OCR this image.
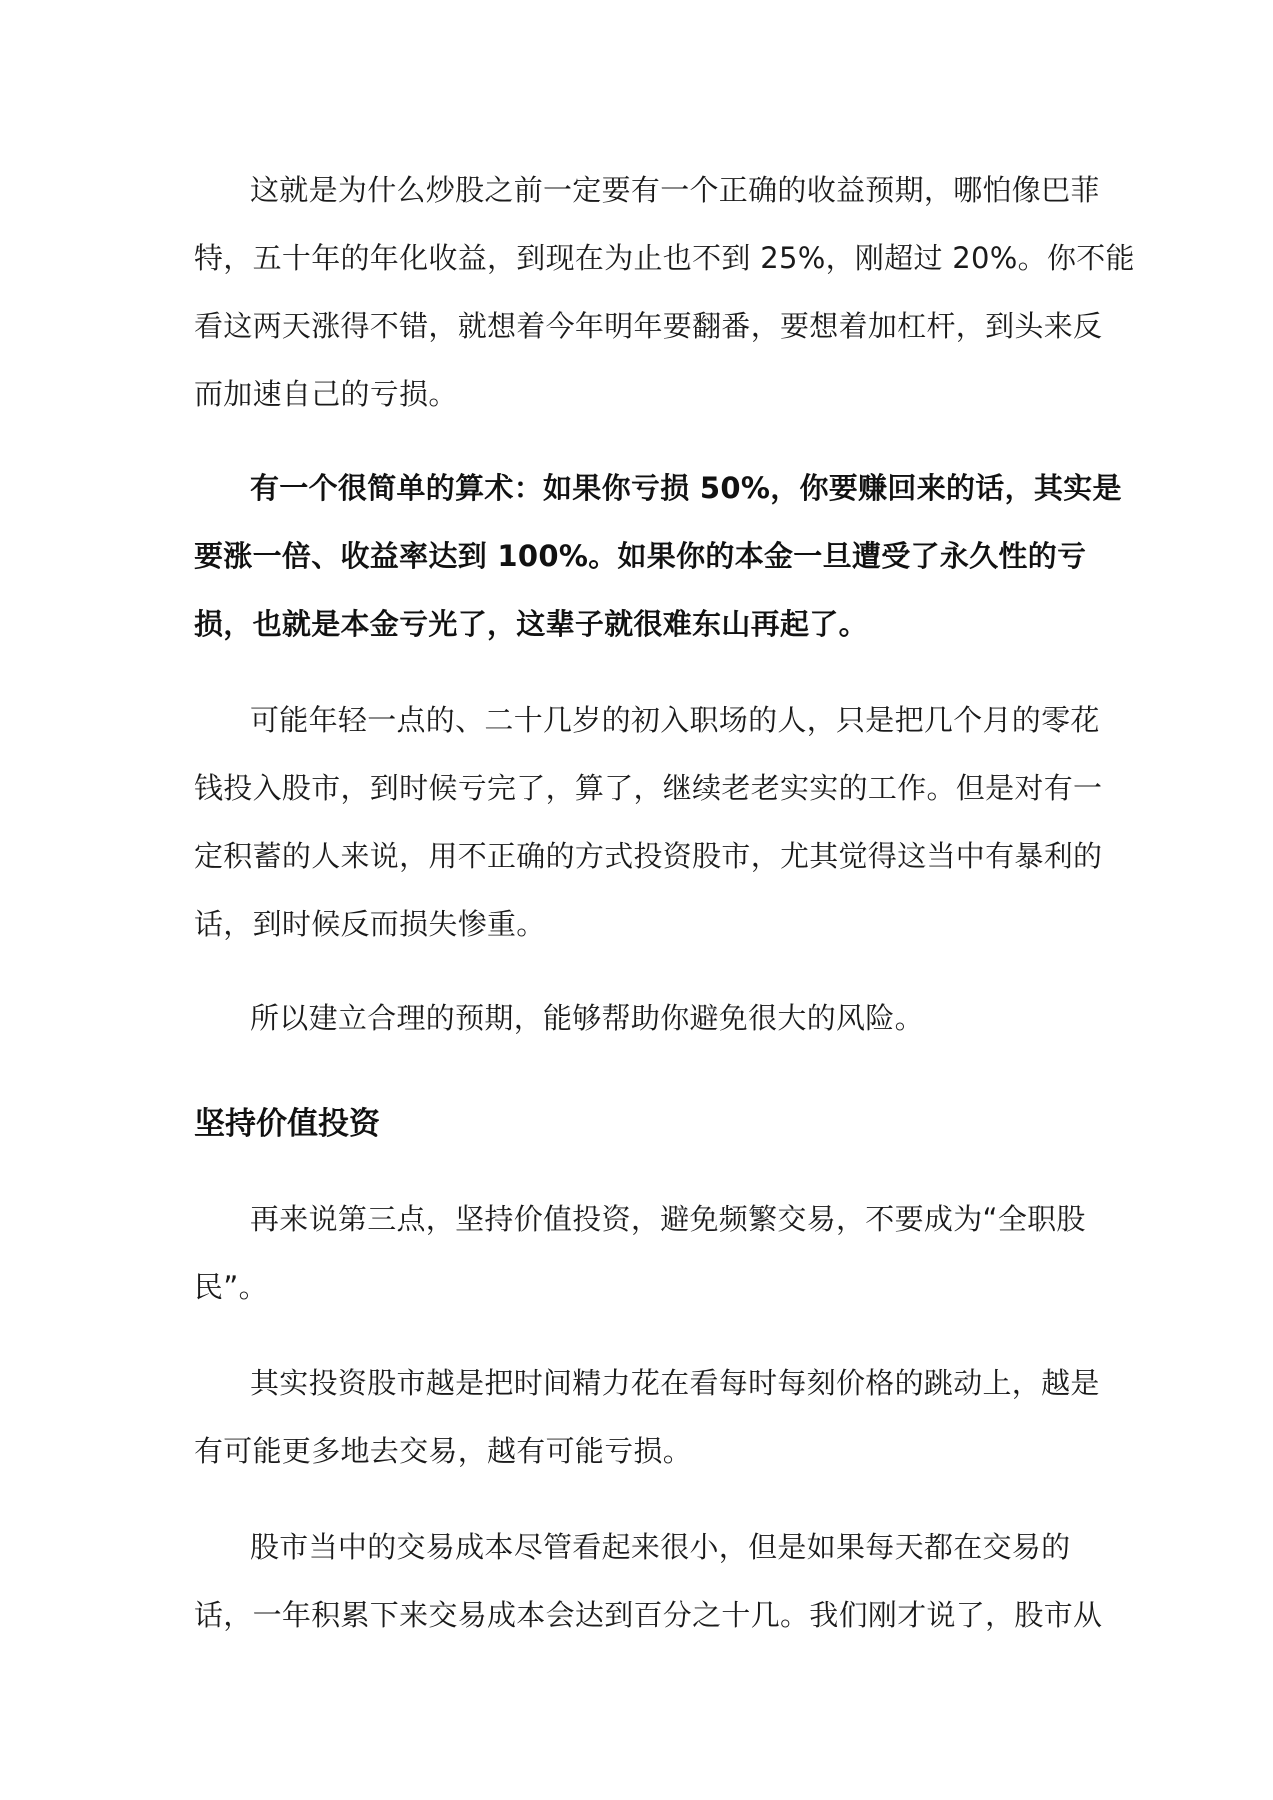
这就是为什么炒股之前一定要有一个正确的收益预期，哪怕像巴菲
特，五十年的年化收益，到现在为止也不到 25%，刚超过 20%。你不能
看这两天涨得不错，就想着今年明年要翻番，要想着加杠杆，到头来反
而加速自己的亏损。
有一个很简单的算术：如果你亏损 50%，你要赚回来的话，其实是
要涨一倍、收益率达到 100%。如果你的本金一旦遭受了永久性的亏
损，也就是本金亏光了，这辈子就很难东山再起了。
可能年轻一点的、二十几岁的初入职场的人，只是把几个月的零花
钱投入股市，到时候亏完了，算了，继续老老实实的工作。但是对有一
定积蓄的人来说，用不正确的方式投资股市，尤其觉得这当中有暴利的
话，到时候反而损失惨重。
所以建立合理的预期，能够帮助你避免很大的风险。
坚持价值投资
再来说第三点，坚持价值投资，避免频繁交易，不要成为“全职股
民”。
其实投资股市越是把时间精力花在看每时每刻价格的跳动上，越是
有可能更多地去交易，越有可能亏损。
股市当中的交易成本尽管看起来很小，但是如果每天都在交易的
话，一年积累下来交易成本会达到百分之十几。我们刚才说了，股市从
